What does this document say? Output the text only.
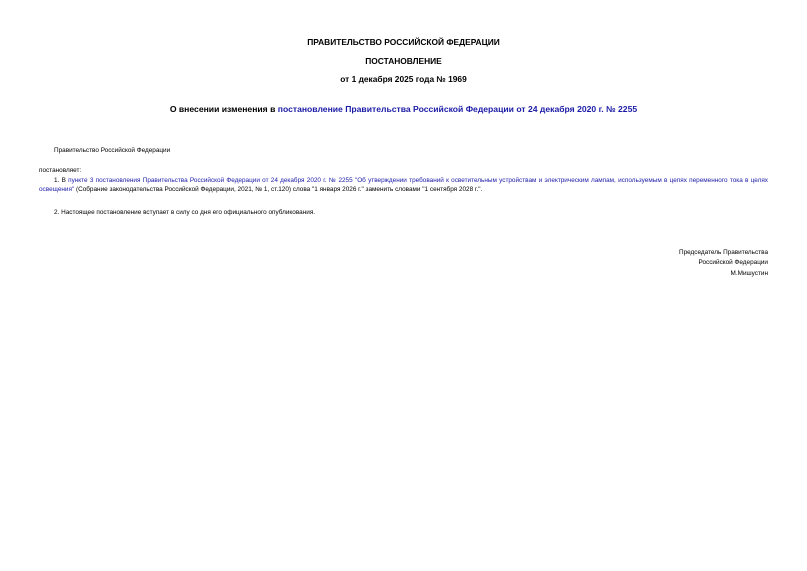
ПРАВИТЕЛЬСТВО РОССИЙСКОЙ ФЕДЕРАЦИИ
ПОСТАНОВЛЕНИЕ
от 1 декабря 2025 года № 1969
О внесении изменения в постановление Правительства Российской Федерации от 24 декабря 2020 г. № 2255
Правительство Российской Федерации
постановляет:
1. В пункте 3 постановления Правительства Российской Федерации от 24 декабря 2020 г. № 2255 "Об утверждении требований к осветительным устройствам и электрическим лампам, используемым в цепях переменного тока в целях освещения" (Собрание законодательства Российской Федерации, 2021, № 1, ст.120) слова "1 января 2026 г." заменить словами "1 сентября 2028 г.".
2. Настоящее постановление вступает в силу со дня его официального опубликования.
Председатель Правительства
Российской Федерации
М.Мишустин
